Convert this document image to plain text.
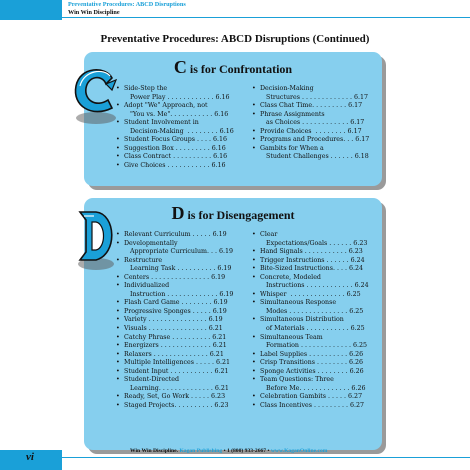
Preventative Procedures: ABCD Disruptions
Win Win Discipline
Preventative Procedures: ABCD Disruptions (Continued)
C is for Confrontation
• Side-Step the
Power Play . . . . . . . . . . . . 6.16
• Adopt "We" Approach, not
"You vs. Me". . . . . . . . . . . 6.16
• Student Involvement in
Decision-Making  . . . . . . . . 6.16
• Student Focus Groups . . . . 6.16
• Suggestion Box . . . . . . . . . 6.16
• Class Contract . . . . . . . . . . 6.16
• Give Choices . . . . . . . . . . . 6.16
• Decision-Making
Structures . . . . . . . . . . . . . 6.17
• Class Chat Time. . . . . . . . . 6.17
• Phrase Assignments
as Choices . . . . . . . . . . . . 6.17
• Provide Choices  . . . . . . . . 6.17
• Programs and Procedures. . . 6.17
• Gambits for When a
Student Challenges . . . . . . 6.18
D is for Disengagement
• Relevant Curriculum . . . . . 6.19
• Developmentally
Appropriate Curriculum. . . 6.19
• Restructure
Learning Task . . . . . . . . . . 6.19
• Centers . . . . . . . . . . . . . . . 6.19
• Individualized
Instruction . . . . . . . . . . . . . 6.19
• Flash Card Game . . . . . . . . 6.19
• Progressive Sponges . . . . . 6.19
• Variety . . . . . . . . . . . . . . . 6.19
• Visuals . . . . . . . . . . . . . . . 6.21
• Catchy Phrase . . . . . . . . . . 6.21
• Energizers . . . . . . . . . . . . . 6.21
• Relaxers . . . . . . . . . . . . . . 6.21
• Multiple Intelligences . . . . . 6.21
• Student Input . . . . . . . . . . . 6.21
• Student-Directed
Learning. . . . . . . . . . . . . . 6.21
• Ready, Set, Go Work . . . . . 6.23
• Staged Projects. . . . . . . . . . 6.23
• Clear
Expectations/Goals . . . . . . 6.23
• Hand Signals . . . . . . . . . . . 6.23
• Trigger Instructions . . . . . . 6.24
• Bite-Sized Instructions. . . . 6.24
• Concrete, Modeled
Instructions . . . . . . . . . . . . 6.24
• Whisper  . . . . . . . . . . . . . . 6.25
• Simultaneous Response
Modes . . . . . . . . . . . . . . . 6.25
• Simultaneous Distribution
of Materials . . . . . . . . . . . 6.25
• Simultaneous Team
Formation . . . . . . . . . . . . . 6.25
• Label Supplies . . . . . . . . . . 6.26
• Crisp Transitions . . . . . . . . 6.26
• Sponge Activities . . . . . . . . 6.26
• Team Questions: Three
Before Me. . . . . . . . . . . . . 6.26
• Celebration Gambits . . . . . 6.27
• Class Incentives . . . . . . . . . 6.27
vi	Win Win Discipline. Kagan Publishing • 1 (800) 933-2667 • www.KaganOnline.com
